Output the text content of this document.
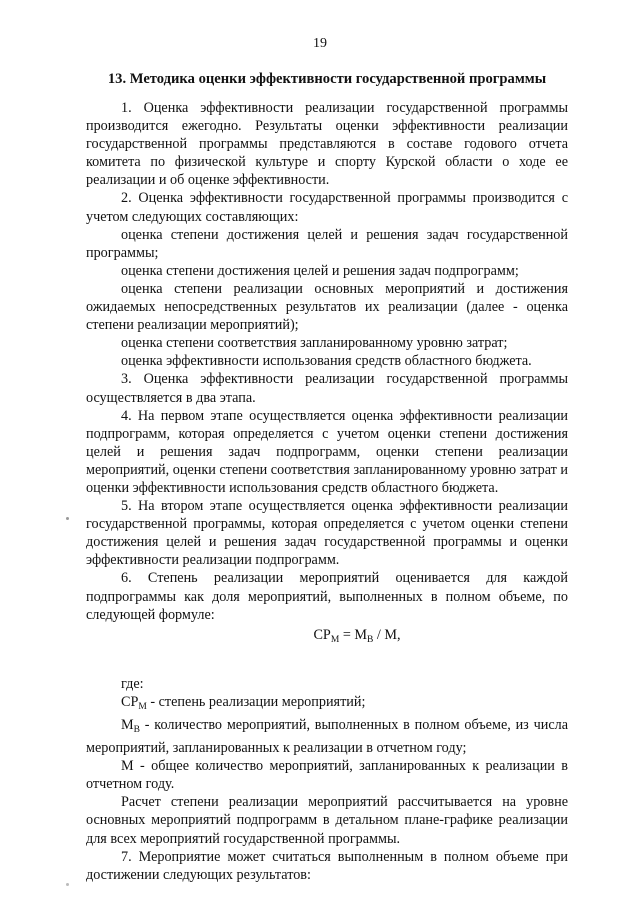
19
13. Методика оценки эффективности государственной программы

1. Оценка эффективности реализации государственной программы производится ежегодно. Результаты оценки эффективности реализации государственной программы представляются в составе годового отчета комитета по физической культуре и спорту Курской области о ходе ее реализации и об оценке эффективности.

2. Оценка эффективности государственной программы производится с учетом следующих составляющих:

оценка степени достижения целей и решения задач государственной программы;

оценка степени достижения целей и решения задач подпрограмм;

оценка степени реализации основных мероприятий и достижения ожидаемых непосредственных результатов их реализации (далее - оценка степени реализации мероприятий);

оценка степени соответствия запланированному уровню затрат;

оценка эффективности использования средств областного бюджета.

3. Оценка эффективности реализации государственной программы осуществляется в два этапа.

4. На первом этапе осуществляется оценка эффективности реализации подпрограмм, которая определяется с учетом оценки степени достижения целей и решения задач подпрограмм, оценки степени реализации мероприятий, оценки степени соответствия запланированному уровню затрат и оценки эффективности использования средств областного бюджета.

5. На втором этапе осуществляется оценка эффективности реализации государственной программы, которая определяется с учетом оценки степени достижения целей и решения задач государственной программы и оценки эффективности реализации подпрограмм.

6. Степень реализации мероприятий оценивается для каждой подпрограммы как доля мероприятий, выполненных в полном объеме, по следующей формуле:

$СР_М = М_В / М$,

где:

$СР_М$ - степень реализации мероприятий;

$М_В$ - количество мероприятий, выполненных в полном объеме, из числа мероприятий, запланированных к реализации в отчетном году;

М - общее количество мероприятий, запланированных к реализации в отчетном году.

Расчет степени реализации мероприятий рассчитывается на уровне основных мероприятий подпрограмм в детальном плане-графике реализации для всех мероприятий государственной программы.

7. Мероприятие может считаться выполненным в полном объеме при достижении следующих результатов:
